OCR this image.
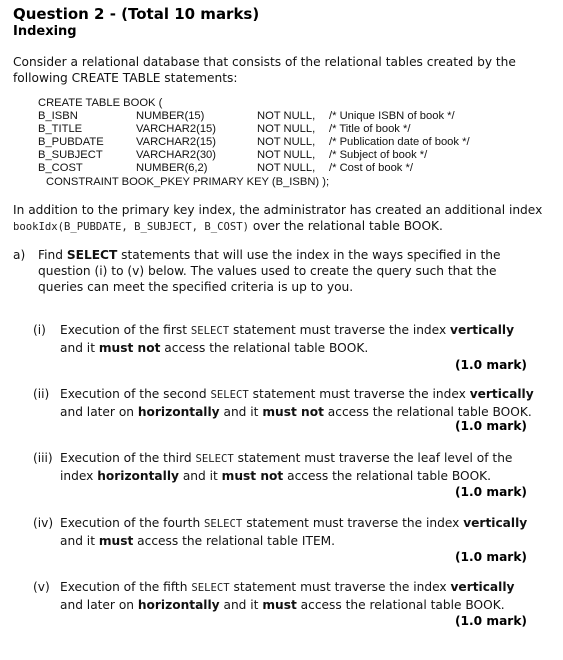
Question 2 - (Total 10 marks)
Indexing
Consider a relational database that consists of the relational tables created by the
following CREATE TABLE statements:
CREATE TABLE BOOK (
B_ISBN	NUMBER(15)	NOT NULL, /* Unique ISBN of book */
B_TITLE	VARCHAR2(15)	NOT NULL, /* Title of book */
B_PUBDATE	VARCHAR2(15)	NOT NULL, /* Publication date of book */
B_SUBJECT	VARCHAR2(30)	NOT NULL, /* Subject of book */
B_COST	NUMBER(6,2)	NOT NULL, /* Cost of book */
CONSTRAINT BOOK_PKEY PRIMARY KEY (B_ISBN) );
In addition to the primary key index, the administrator has created an additional index
bookIdx(B_PUBDATE, B_SUBJECT, B_COST) over the relational table BOOK.
a) Find SELECT statements that will use the index in the ways specified in the
question (i) to (v) below. The values used to create the query such that the
queries can meet the specified criteria is up to you.
(i) Execution of the first SELECT statement must traverse the index vertically
and it must not access the relational table BOOK.
(1.0 mark)
(ii) Execution of the second SELECT statement must traverse the index vertically
and later on horizontally and it must not access the relational table BOOK.
(1.0 mark)
(iii) Execution of the third SELECT statement must traverse the leaf level of the
index horizontally and it must not access the relational table BOOK.
(1.0 mark)
(iv) Execution of the fourth SELECT statement must traverse the index vertically
and it must access the relational table ITEM.
(1.0 mark)
(v) Execution of the fifth SELECT statement must traverse the index vertically
and later on horizontally and it must access the relational table BOOK.
(1.0 mark)
